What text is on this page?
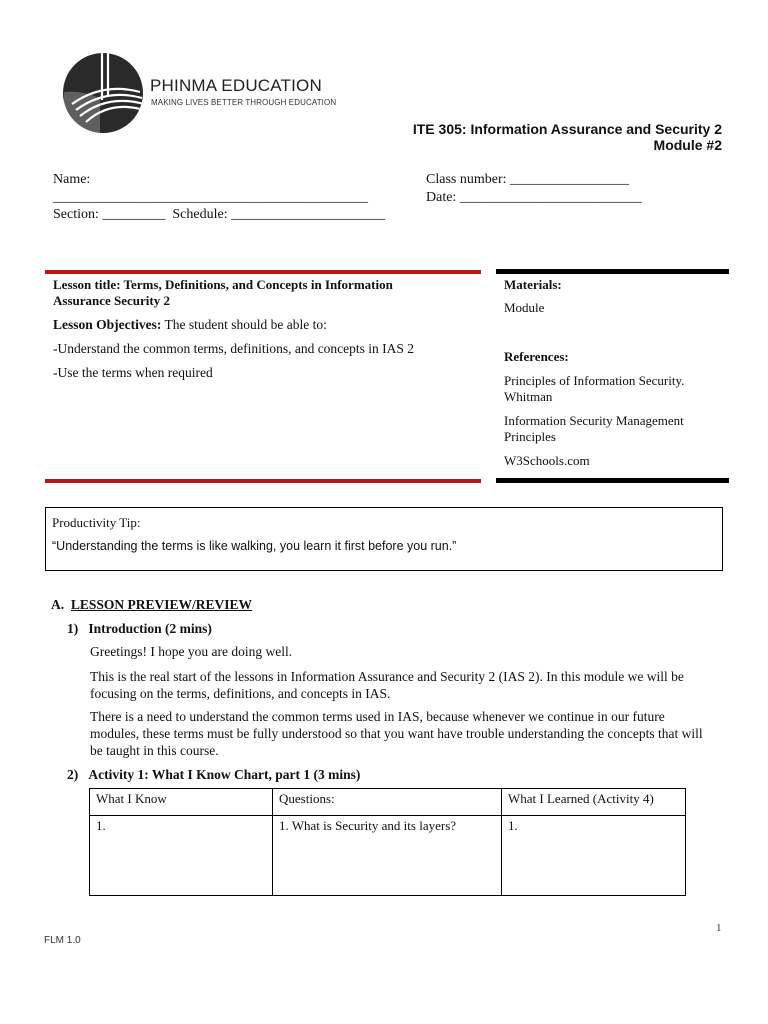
PHINMA EDUCATION
MAKING LIVES BETTER THROUGH EDUCATION
ITE 305: Information Assurance and Security 2
Module #2
Name:
_____________________________________________
Section: _________  Schedule: ______________________
Class number: _________________
Date: __________________________
Lesson title: Terms, Definitions, and Concepts in Information
Assurance Security 2
Lesson Objectives: The student should be able to:
-Understand the common terms, definitions, and concepts in IAS 2
-Use the terms when required
Materials:
Module
References:
Principles of Information Security.
Whitman
Information Security Management
Principles
W3Schools.com
Productivity Tip:
“Understanding the terms is like walking, you learn it first before you run.”
A. LESSON PREVIEW/REVIEW
1) Introduction (2 mins)
Greetings! I hope you are doing well.
This is the real start of the lessons in Information Assurance and Security 2 (IAS 2). In this module we will be
focusing on the terms, definitions, and concepts in IAS.
There is a need to understand the common terms used in IAS, because whenever we continue in our future
modules, these terms must be fully understood so that you want have trouble understanding the concepts that will
be taught in this course.
2) Activity 1: What I Know Chart, part 1 (3 mins)
What I Know	Questions:	What I Learned (Activity 4)
1.	1. What is Security and its layers?	1.
1
FLM 1.0
